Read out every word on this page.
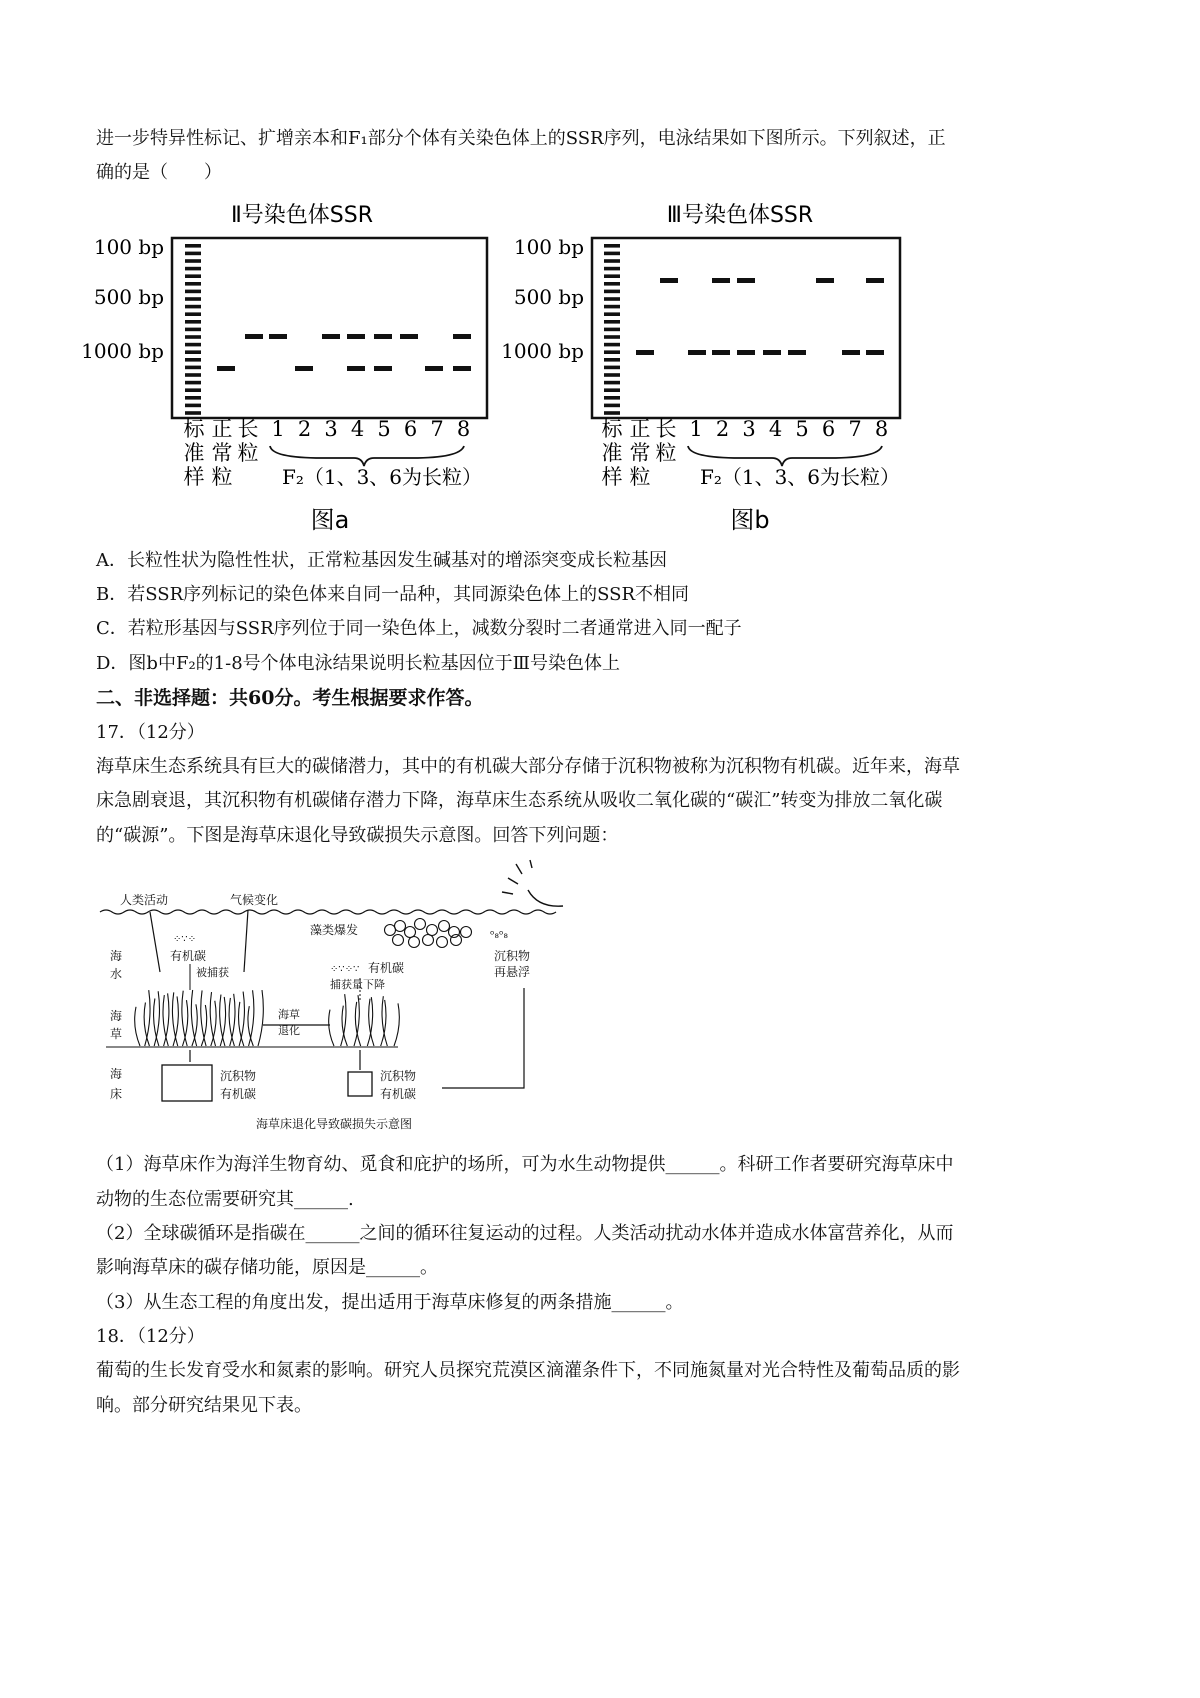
进一步特异性标记、扩增亲本和F₁部分个体有关染色体上的SSR序列，电泳结果如下图所示。下列叙述，正
确的是（　　）
Ⅱ号染色体SSR
100 bp
500 bp
1000 bp
标
准
样
正
常
粒
长
粒
1 2 3 4 5 6 7 8
F₂（1、3、6为长粒）
图a
Ⅲ号染色体SSR
100 bp
500 bp
1000 bp
标
准
样
正
常
粒
长
粒
1 2 3 4 5 6 7 8
F₂（1、3、6为长粒）
图b
A．长粒性状为隐性性状，正常粒基因发生碱基对的增添突变成长粒基因
B．若SSR序列标记的染色体来自同一品种，其同源染色体上的SSR不相同
C．若粒形基因与SSR序列位于同一染色体上，减数分裂时二者通常进入同一配子
D．图b中F₂的1-8号个体电泳结果说明长粒基因位于Ⅲ号染色体上
二、非选择题：共60分。考生根据要求作答。
17．（12分）
海草床生态系统具有巨大的碳储潜力，其中的有机碳大部分存储于沉积物被称为沉积物有机碳。近年来，海草
床急剧衰退，其沉积物有机碳储存潜力下降，海草床生态系统从吸收二氧化碳的“碳汇”转变为排放二氧化碳
的“碳源”。下图是海草床退化导致碳损失示意图。回答下列问题：
人类活动	气候变化
藻类爆发
海
水
海
草
海
床
⁘∵⁘
有机碳
被捕获	⁘∵⁘∵ 有机碳
捕获量下降
ᵒ₈ᵒ₈
沉积物
再悬浮
海草
退化
沉积物
有机碳
沉积物
有机碳
海草床退化导致碳损失示意图
（1）海草床作为海洋生物育幼、觅食和庇护的场所，可为水生动物提供______。科研工作者要研究海草床中
动物的生态位需要研究其______.
（2）全球碳循环是指碳在______之间的循环往复运动的过程。人类活动扰动水体并造成水体富营养化，从而
影响海草床的碳存储功能，原因是______。
（3）从生态工程的角度出发，提出适用于海草床修复的两条措施______。
18．（12分）
葡萄的生长发育受水和氮素的影响。研究人员探究荒漠区滴灌条件下，不同施氮量对光合特性及葡萄品质的影
响。部分研究结果见下表。
